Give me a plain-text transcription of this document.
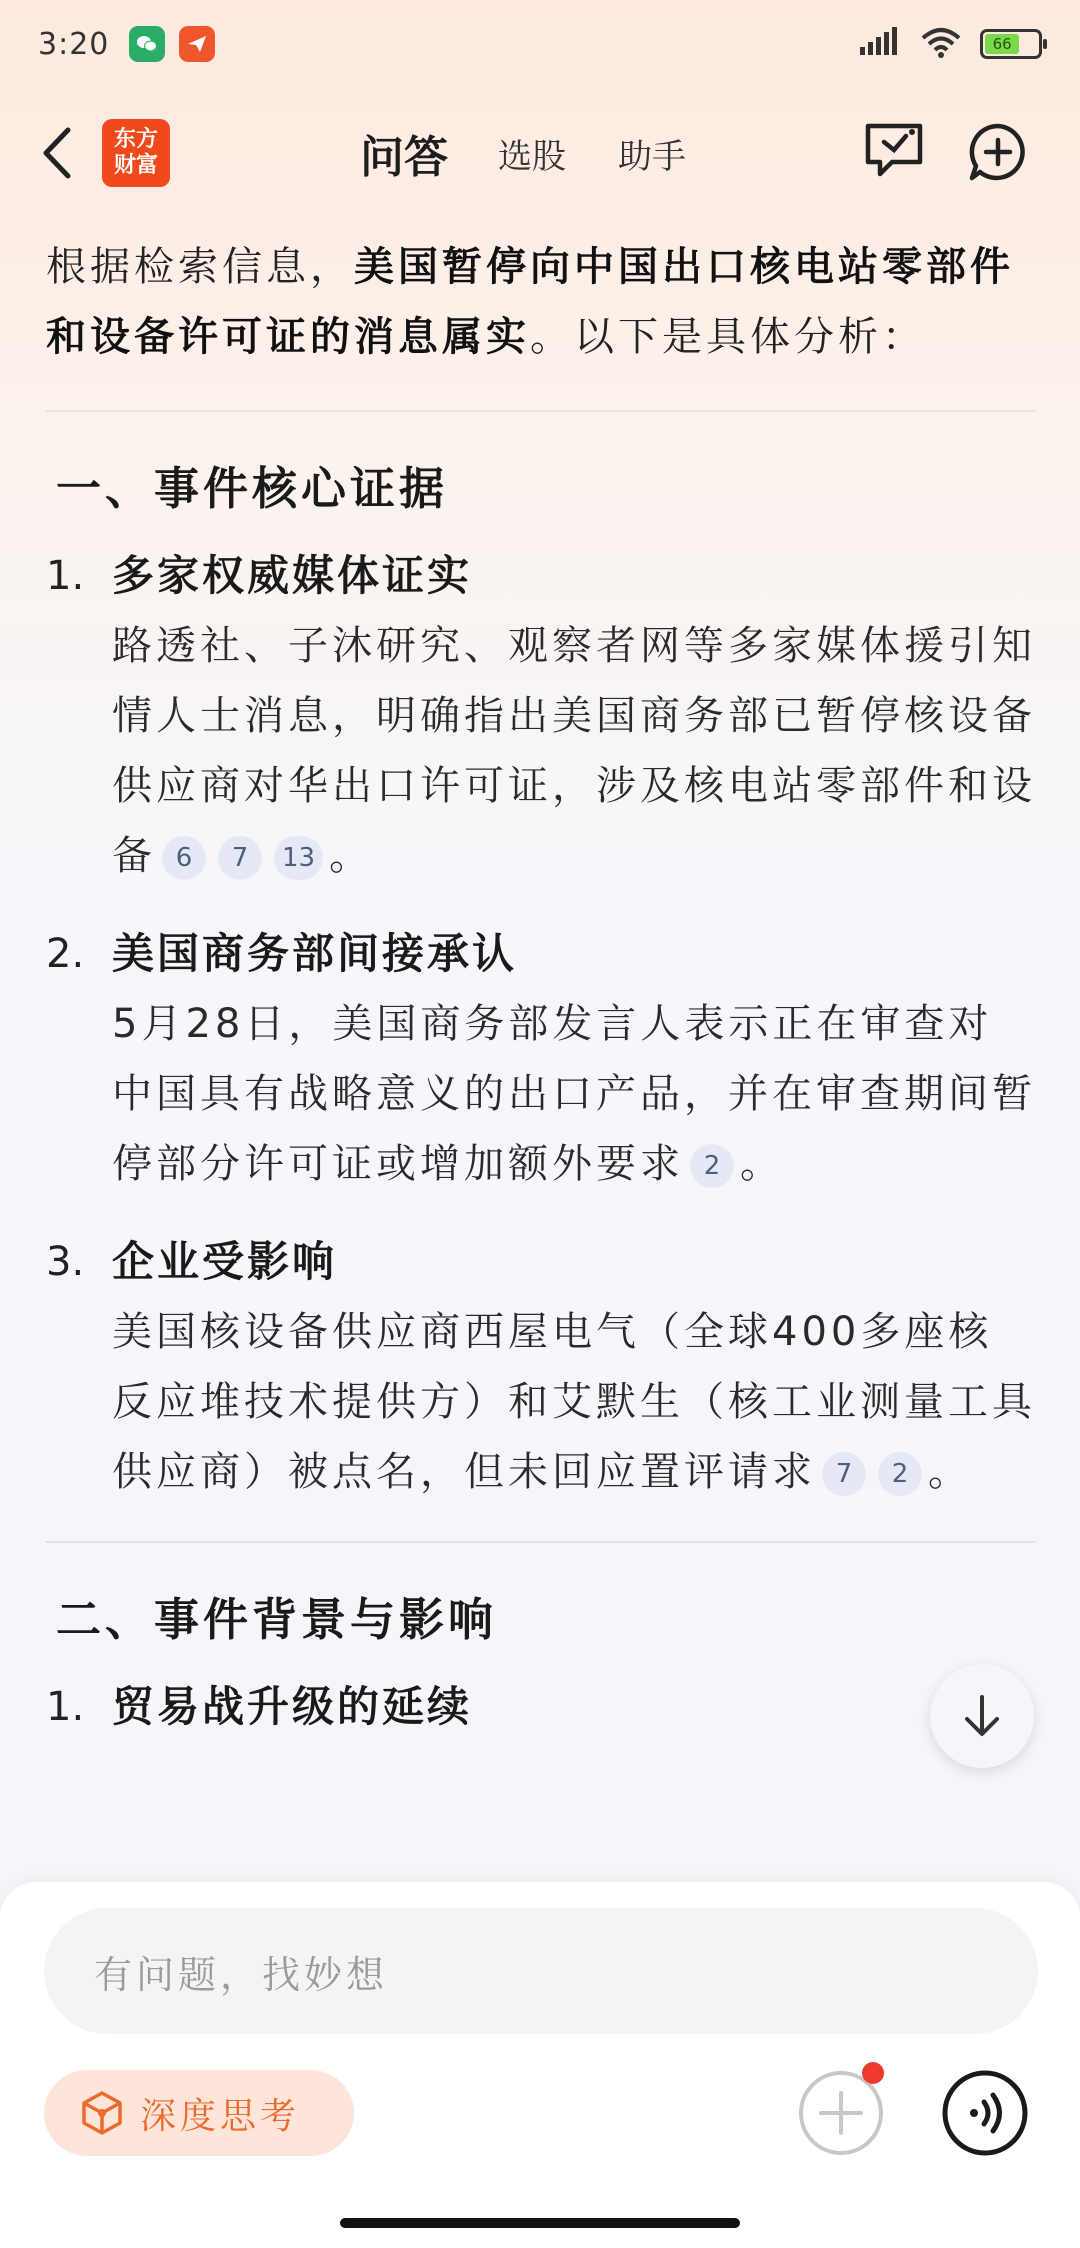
3:20	66
东方财富	问答 选股 助手

根据检索信息，美国暂停向中国出口核电站零部件和设备许可证的消息属实。以下是具体分析：

一、事件核心证据
1. 多家权威媒体证实
路透社、子沐研究、观察者网等多家媒体援引知情人士消息，明确指出美国商务部已暂停核设备供应商对华出口许可证，涉及核电站零部件和设备 6 7 13 。
2. 美国商务部间接承认
5月28日，美国商务部发言人表示正在审查对中国具有战略意义的出口产品，并在审查期间暂停部分许可证或增加额外要求 2 。
3. 企业受影响
美国核设备供应商西屋电气（全球400多座核反应堆技术提供方）和艾默生（核工业测量工具供应商）被点名，但未回应置评请求 7 2 。
二、事件背景与影响
1. 贸易战升级的延续
有问题，找妙想
深度思考
